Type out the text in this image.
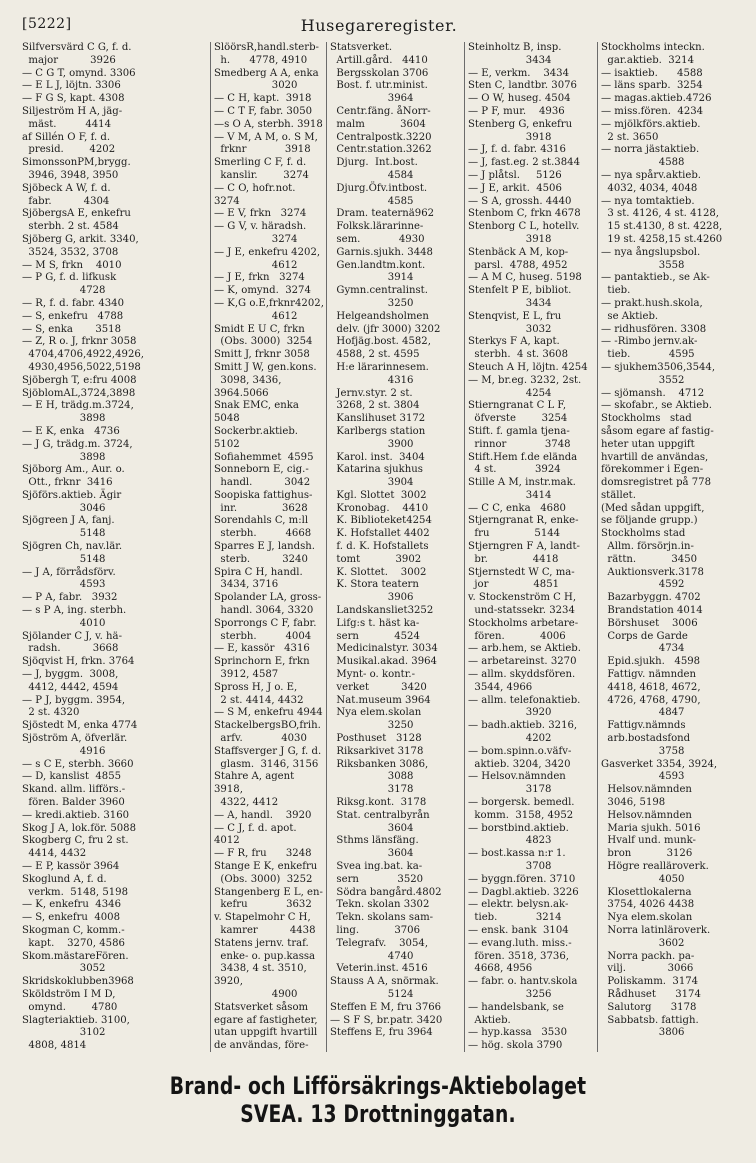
[5222]	Husegareregister.
Silfversvärd C G, f. d.
major          3926
— C G T, omynd. 3306
— E L J, löjtn. 3306
— F G S, kapt. 4308
Siljeström H A, jäg-
mäst.         4414
af Sillén O F, f. d.
presid.        4202
SimonssonPM,brygg.
3946, 3948, 3950
Sjöbeck A W, f. d.
fabr.          4304
SjöbergsA E, enkefru
sterbh. 2 st. 4584
Sjöberg G, arkit. 3340,
3524, 3532, 3708
— M S, frkn    4010
— P G, f. d. lifkusk
4728
— R, f. d. fabr. 4340
— S, enkefru   4788
— S, enka       3518
— Z, R o. J, frknr 3058
4704,4706,4922,4926,
4930,4956,5022,5198
Sjöbergh T, e:fru 4008
SjöblomAL,3724,3898
— E H, trädg.m.3724,
3898
— E K, enka   4736
— J G, trädg.m. 3724,
3898
Sjöborg Am., Aur. o.
Ott., frknr  3416
Sjöförs.aktieb. Ägir
3046
Sjögreen J A, fanj.
5148
Sjögren Ch, nav.lär.
5148
— J A, förrådsförv.
4593
— P A, fabr.   3932
— s P A, ing. sterbh.
4010
Sjölander C J, v. hä-
radsh.          3668
Sjöqvist H, frkn. 3764
— J, byggm.  3008,
4412, 4442, 4594
— P J, byggm. 3954,
2 st. 4320
Sjöstedt M, enka 4774
Sjöström A, öfverlär.
4916
— s C E, sterbh. 3660
— D, kanslist  4855
Skand. allm. lifförs.-
fören. Balder 3960
— kredi.aktieb. 3160
Skog J A, lok.för. 5088
Skogberg C, fru 2 st.
4414, 4432
— E P, kassör 3964
Skoglund A, f. d.
verkm.  5148, 5198
— K, enkefru  4346
— S, enkefru  4008
Skogman C, komm.-
kapt.    3270, 4586
Skom.mästareFören.
3052
Skridskoklubben3968
Sköldström I M D,
omynd.        4780
Slagteriaktieb. 3100,
3102
4808, 4814
SlöörsR,handl.sterb-
h.      4778, 4910
Smedberg A A, enka
3020
— C H, kapt.  3918
— C T F, fabr. 3050
—s O A, sterbh. 3918
— V M, A M, o. S M,
frknr            3918
Smerling C F, f. d.
kanslir.        3274
— C O, hofr.not. 3274
— E V, frkn   3274
— G V, v. häradsh.
3274
— J E, enkefru 4202,
4612
— J E, frkn   3274
— K, omynd.  3274
— K,G o.E,frknr4202,
4612
Smidt E U C, frkn
(Obs. 3000)  3254
Smitt J, frknr 3058
Smitt J W, gen.kons.
3098, 3436, 3964.5066
Snak EMC, enka 5048
Sockerbr.aktieb. 5102
Sofiahemmet  4595
Sonneborn E, cig.-
handl.          3042
Soopiska fattighus-
inr.              3628
Sorendahls C, m:ll
sterbh.         4668
Sparres E J, landsh.
sterb.          3240
Spira C H, handl.
3434, 3716
Spolander LA, gross-
handl. 3064, 3320
Sporrongs C F, fabr.
sterbh.         4004
— E, kassör   4316
Sprinchorn E, frkn
3912, 4587
Spross H, J o. E,
2 st. 4414, 4432
— S M, enkefru 4944
StackelbergsBO,frih.
arfv.            4030
Staffsverger J G, f. d.
glasm.  3146, 3156
Stahre A, agent 3918,
4322, 4412
— A, handl.    3920
— C J, f. d. apot. 4012
— F R, fru      3248
Stange E K, enkefru
(Obs. 3000)  3252
Stangenberg E L, en-
kefru            3632
v. Stapelmohr C H,
kamrer          4438
Statens jernv. traf.
enke- o. pup.kassa
3438, 4 st. 3510, 3920,
4900
Statsverket såsom
egare af fastigheter,
utan uppgift hvartill
de användas, före-
Statsverket.
Artill.gård.   4410
Bergsskolan 3706
Bost. f. utr.minist.
3964
Centr.fäng. åNorr-
malm           3604
Centralpostk.3220
Centr.station.3262
Djurg.  Int.bost.
4584
Djurg.Öfv.intbost.
4585
Dram. teaternä962
Folksk.lärarinne-
sem.            4930
Garnis.sjukh. 3448
Gen.landtm.kont.
3914
Gymn.centralinst.
3250
Helgeandsholmen
delv. (jfr 3000) 3202
Hofjäg.bost. 4582,
4588, 2 st. 4595
H:e lärarinnesem.
4316
Jernv.styr. 2 st.
3268, 2 st. 3804
Kanslihuset 3172
Karlbergs station
3900
Karol. inst.  3404
Katarina sjukhus
3904
Kgl. Slottet  3002
Kronobag.    4410
K. Biblioteket4254
K. Hofstallet 4402
f. d. K. Hofstallets
tomt           3902
K. Slottet.    3002
K. Stora teatern
3906
Landskansliet3252
Lifg:s t. häst ka-
sern           4524
Medicinalstyr. 3034
Musikal.akad. 3964
Mynt- o. kontr.-
verket          3420
Nat.museum 3964
Nya elem.skolan
3250
Posthuset   3128
Riksarkivet 3178
Riksbanken 3086,
3088
3178
Riksg.kont.  3178
Stat. centralbyrån
3604
Sthms länsfäng.
3604
Svea ing.bat. ka-
sern            3520
Södra bangård.4802
Tekn. skolan 3302
Tekn. skolans sam-
ling.           3706
Telegrafv.    3054,
4740
Veterin.inst. 4516
Stauss A A, snörmak.
5124
Steffen E M, fru 3766
— S F S, br.patr. 3420
Steffens E, fru 3964
Steinholtz B, insp.
3434
— E, verkm.    3434
Sten C, landtbr. 3076
— O W, huseg. 4504
— P F, mur.    4936
Stenberg G, enkefru
3918
— J, f. d. fabr. 4316
— J, fast.eg. 2 st.3844
— J plåtsl.     5126
— J E, arkit.  4506
— S A, grossh. 4440
Stenbom C, frkn 4678
Stenborg C L, hotellv.
3918
Stenbäck A M, kop-
parsl.  4788, 4952
— A M C, huseg. 5198
Stenfelt P E, bibliot.
3434
Stenqvist, E L, fru
3032
Sterkys F A, kapt.
sterbh.  4 st. 3608
Steuch A H, löjtn. 4254
— M, br.eg. 3232, 2st.
4254
Stierngranat C L F,
öfverste        3254
Stift. f. gamla tjena-
rinnor            3748
Stift.Hem f.de elända
4 st.            3924
Stille A M, instr.mak.
3414
— C C, enka   4680
Stjerngranat R, enke-
fru              5144
Stjerngren F A, landt-
br.              4418
Stjernstedt W C, ma-
jor              4851
v. Stockenström C H,
und-statssekr. 3234
Stockholms arbetare-
fören.           4006
— arb.hem, se Aktieb.
— arbetareinst. 3270
— allm. skyddsfören.
3544, 4966
— allm. telefonaktieb.
3920
— badh.aktieb. 3216,
4202
— bom.spinn.o.väfv-
aktieb. 3204, 3420
— Helsov.nämnden
3178
— borgersk. bemedl.
komm.  3158, 4952
— borstbind.aktieb.
4823
— bost.kassa n:r 1.
3708
— byggn.fören. 3710
— Dagbl.aktieb. 3226
— elektr. belysn.ak-
tieb.            3214
— ensk. bank  3104
— evang.luth. miss.-
fören. 3518, 3736,
4668, 4956
— fabr. o. hantv.skola
3256
— handelsbank, se
Aktieb.
— hyp.kassa   3530
— hög. skola 3790
Stockholms inteckn.
gar.aktieb.  3214
— isaktieb.      4588
— läns sparb.  3254
— magas.aktieb.4726
— miss.fören.  4234
— mjölkförs.aktieb.
2 st. 3650
— norra jästaktieb.
4588
— nya spårv.aktieb.
4032, 4034, 4048
— nya tomtaktieb.
3 st. 4126, 4 st. 4128,
15 st.4130, 8 st. 4228,
19 st. 4258,15 st.4260
— nya ångslupsbol.
3558
— pantaktieb., se Ak-
tieb.
— prakt.hush.skola,
se Aktieb.
— ridhusfören. 3308
— -Rimbo jernv.ak-
tieb.            4595
— sjukhem3506,3544,
3552
— sjömansh.    4712
— skofabr., se Aktieb.
Stockholms   stad
såsom egare af fastig-
heter utan uppgift
hvartill de användas,
förekommer i Egen-
domsregistret på 778
stället.
(Med sådan uppgift,
se följande grupp.)
Stockholms stad
Allm. försörjn.in-
rättn.           3450
Auktionsverk.3178
4592
Bazarbyggn. 4702
Brandstation 4014
Börshuset    3006
Corps de Garde
4734
Epid.sjukh.   4598
Fattigv. nämnden
4418, 4618, 4672,
4726, 4768, 4790,
4847
Fattigv.nämnds
arb.bostadsfond
3758
Gasverket 3354, 3924,
4593
Helsov.nämnden
3046, 5198
Helsov.nämnden
Maria sjukh. 5016
Hvalf und. munk-
bron           3126
Högre realläroverk.
4050
Klosettlokalerna
3754, 4026 4438
Nya elem.skolan
Norra latinläroverk.
3602
Norra packh. pa-
vilj.             3066
Poliskamm.  3174
Rådhuset      3174
Salutorg      3178
Sabbatsb. fattigh.
3806
Brand- och Lifförsäkrings-Aktiebolaget SVEA. 13 Drottninggatan.
